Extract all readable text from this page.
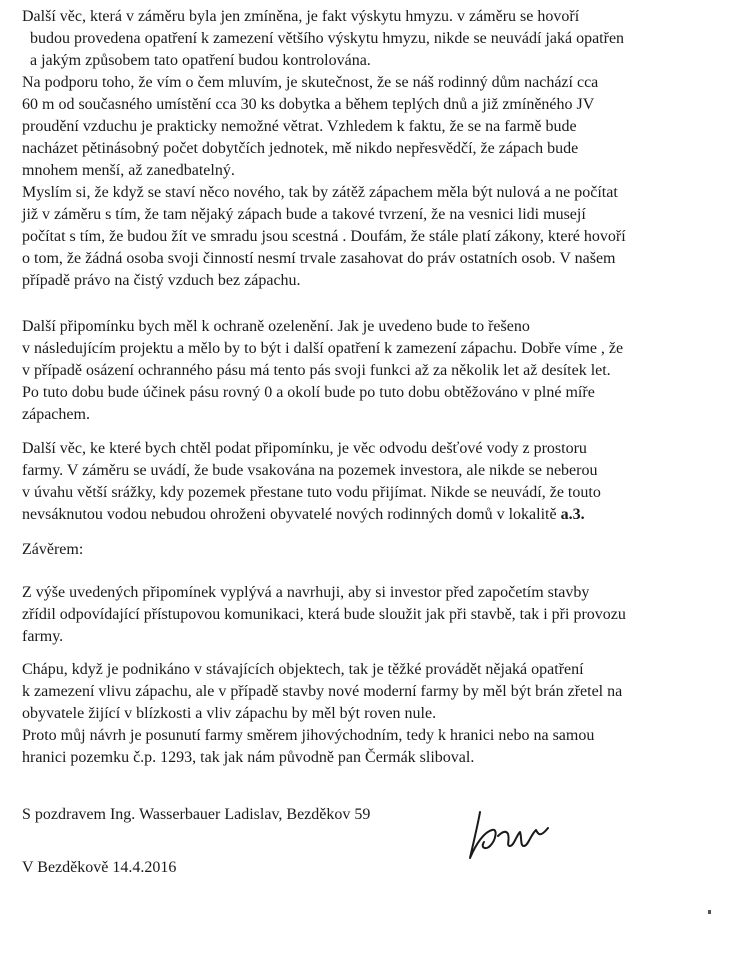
Další věc, která v záměru byla jen zmíněna, je fakt výskytu hmyzu. v záměru se hovoří
budou provedena opatření k zamezení většího výskytu hmyzu, nikde se neuvádí jaká opatřen
a jakým způsobem tato opatření budou kontrolována.
Na podporu toho, že vím o čem mluvím, je skutečnost, že se náš rodinný dům nachází cca
60 m od současného umístění cca 30 ks dobytka a během teplých dnů a již zmíněného JV
proudění vzduchu je prakticky nemožné větrat. Vzhledem k faktu, že se na farmě bude
nacházet pětinásobný počet dobytčích jednotek, mě nikdo nepřesvědčí, že zápach bude
mnohem menší, až zanedbatelný.
Myslím si, že když se staví něco nového, tak by zátěž zápachem měla být nulová a ne počítat
již v záměru s tím, že tam nějaký zápach bude a takové tvrzení, že na vesnici lidi musejí
počítat s tím, že budou žít ve smradu jsou scestná . Doufám, že stále platí zákony, které hovoří
o tom, že žádná osoba svoji činností nesmí trvale zasahovat do práv ostatních osob. V našem
případě právo na čistý vzduch bez zápachu.
Další připomínku bych měl k ochraně ozelenění. Jak je uvedeno bude to řešeno
v následujícím projektu a mělo by to být i další opatření k zamezení zápachu. Dobře víme , že
v případě osázení ochranného pásu má tento pás svoji funkci až za několik let až desítek let.
Po tuto dobu bude účinek pásu rovný 0 a okolí bude po tuto dobu obtěžováno v plné míře
zápachem.
Další věc, ke které bych chtěl podat připomínku, je věc odvodu dešťové vody z prostoru
farmy. V záměru se uvádí, že bude vsakována na pozemek investora, ale nikde se neberou
v úvahu větší srážky, kdy pozemek přestane tuto vodu přijímat. Nikde se neuvádí, že touto
nevsáknutou vodou nebudou ohroženi obyvatelé nových rodinných domů v lokalitě a.3.
Závěrem:
Z výše uvedených připomínek vyplývá a navrhuji, aby si investor před započetím stavby
zřídil odpovídající přístupovou komunikaci, která bude sloužit jak při stavbě, tak i při provozu
farmy.
Chápu, když je podnikáno v stávajících objektech, tak je těžké provádět nějaká opatření
k zamezení vlivu zápachu, ale v případě stavby nové moderní farmy by měl být brán zřetel na
obyvatele žijící v blízkosti a vliv zápachu by měl být roven nule.
Proto můj návrh je posunutí farmy směrem jihovýchodním, tedy k hranici nebo na samou
hranici pozemku č.p. 1293, tak jak nám původně pan Čermák sliboval.
S pozdravem Ing. Wasserbauer Ladislav, Bezděkov 59
V Bezděkově 14.4.2016
